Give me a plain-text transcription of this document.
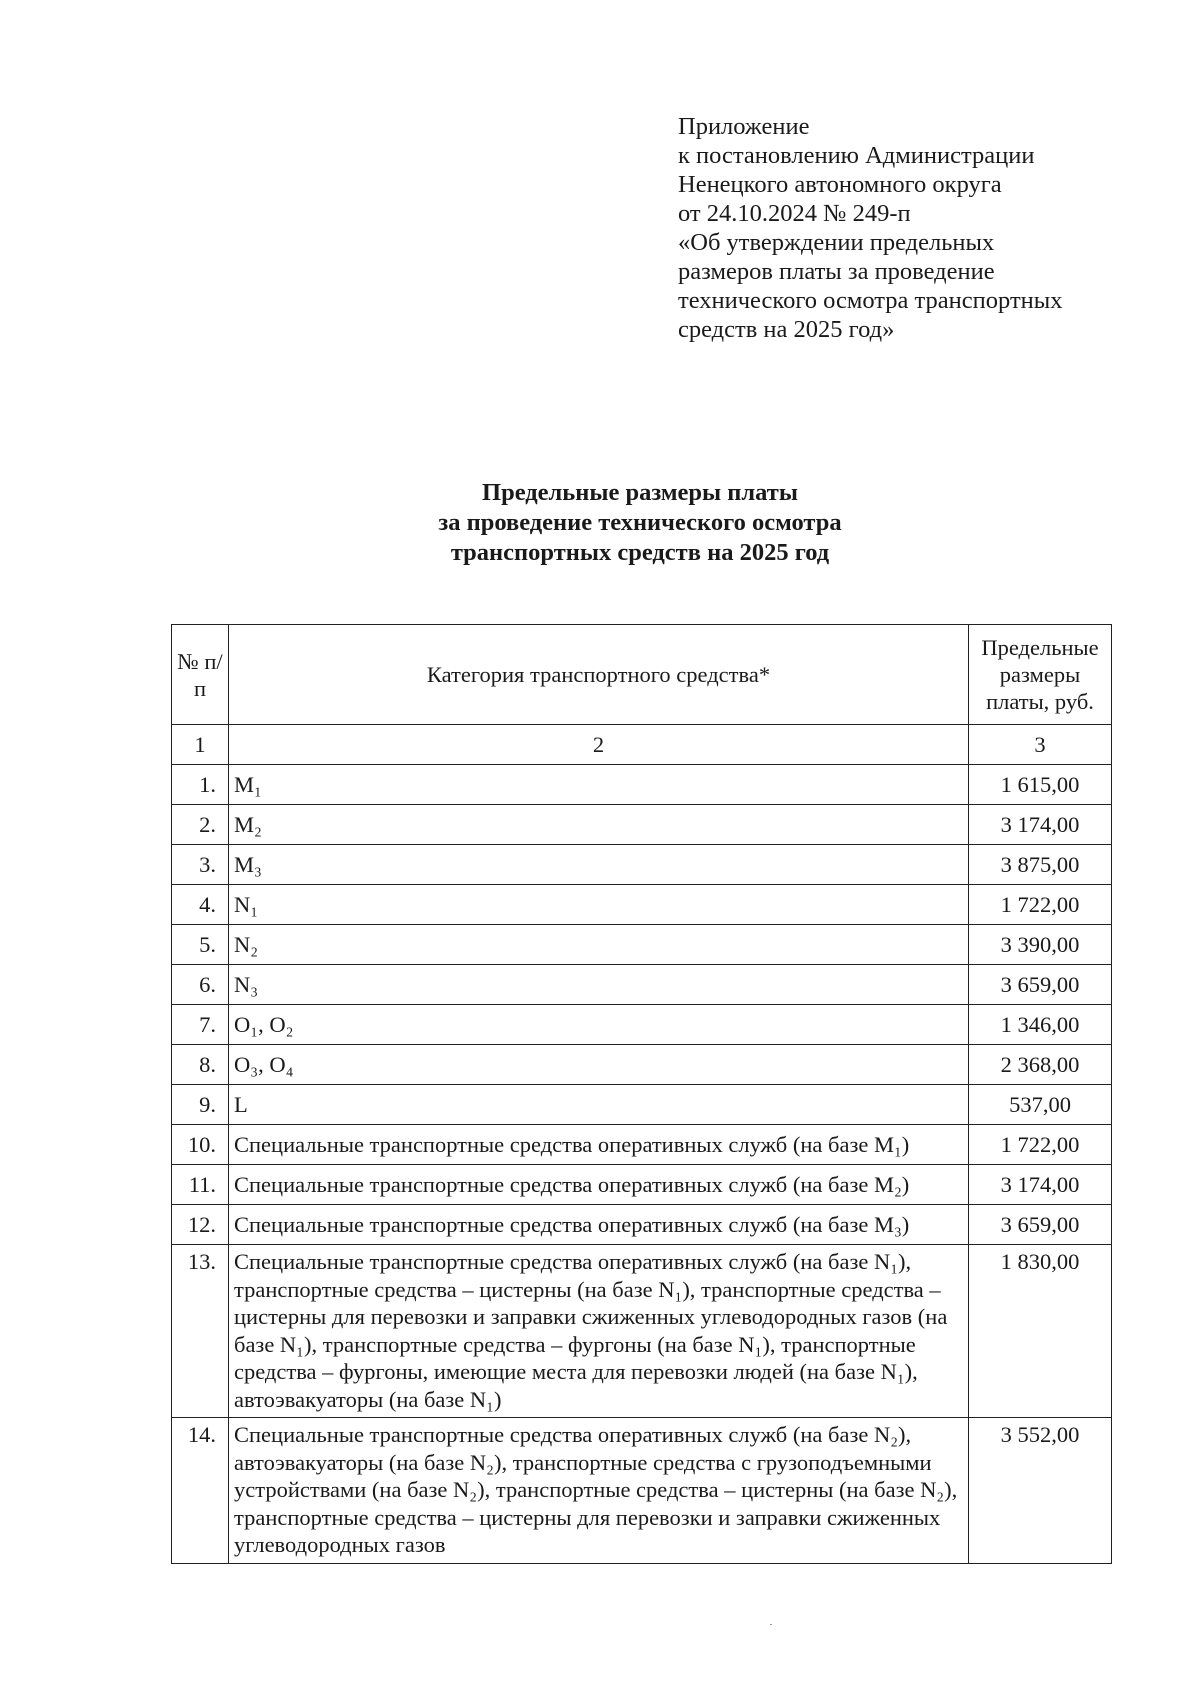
Приложение
к постановлению Администрации
Ненецкого автономного округа
от 24.10.2024 № 249-п
«Об утверждении предельных
размеров платы за проведение
технического осмотра транспортных
средств на 2025 год»
Предельные размеры платы
за проведение технического осмотра
транспортных средств на 2025 год
№ п/п	Категория транспортного средства*	Предельные размеры платы, руб.
1	2	3
1.	M₁	1 615,00
2.	M₂	3 174,00
3.	M₃	3 875,00
4.	N₁	1 722,00
5.	N₂	3 390,00
6.	N₃	3 659,00
7.	O₁, O₂	1 346,00
8.	O₃, O₄	2 368,00
9.	L	537,00
10.	Специальные транспортные средства оперативных служб (на базе M₁)	1 722,00
11.	Специальные транспортные средства оперативных служб (на базе M₂)	3 174,00
12.	Специальные транспортные средства оперативных служб (на базе M₃)	3 659,00
13.	Специальные транспортные средства оперативных служб (на базе N₁), транспортные средства – цистерны (на базе N₁), транспортные средства – цистерны для перевозки и заправки сжиженных углеводородных газов (на базе N₁), транспортные средства – фургоны (на базе N₁), транспортные средства – фургоны, имеющие места для перевозки людей (на базе N₁), автоэвакуаторы (на базе N₁)	1 830,00
14.	Специальные транспортные средства оперативных служб (на базе N₂), автоэвакуаторы (на базе N₂), транспортные средства с грузоподъемными устройствами (на базе N₂), транспортные средства – цистерны (на базе N₂), транспортные средства – цистерны для перевозки и заправки сжиженных углеводородных газов	3 552,00
